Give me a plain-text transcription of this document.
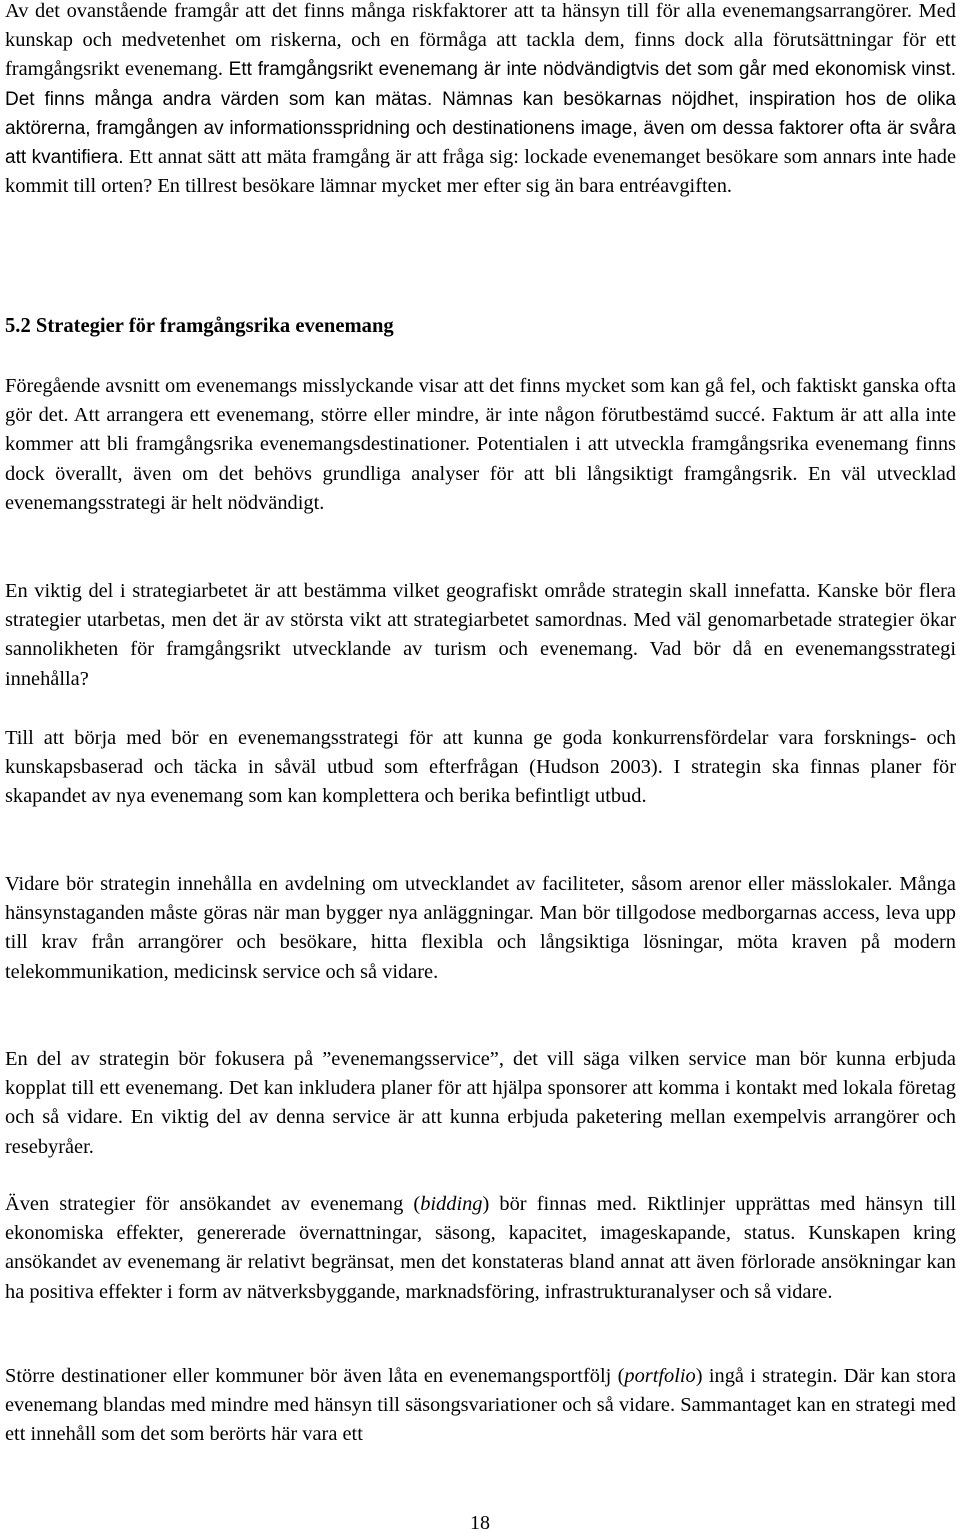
Av det ovanstående framgår att det finns många riskfaktorer att ta hänsyn till för alla evenemangsarrangörer. Med kunskap och medvetenhet om riskerna, och en förmåga att tackla dem, finns dock alla förutsättningar för ett framgångsrikt evenemang. Ett framgångsrikt evenemang är inte nödvändigtvis det som går med ekonomisk vinst. Det finns många andra värden som kan mätas. Nämnas kan besökarnas nöjdhet, inspiration hos de olika aktörerna, framgången av informationsspridning och destinationens image, även om dessa faktorer ofta är svåra att kvantifiera. Ett annat sätt att mäta framgång är att fråga sig: lockade evenemanget besökare som annars inte hade kommit till orten? En tillrest besökare lämnar mycket mer efter sig än bara entréavgiften.

5.2 Strategier för framgångsrika evenemang

Föregående avsnitt om evenemangs misslyckande visar att det finns mycket som kan gå fel, och faktiskt ganska ofta gör det. Att arrangera ett evenemang, större eller mindre, är inte någon förutbestämd succé. Faktum är att alla inte kommer att bli framgångsrika evenemangsdestinationer. Potentialen i att utveckla framgångsrika evenemang finns dock överallt, även om det behövs grundliga analyser för att bli långsiktigt framgångsrik. En väl utvecklad evenemangsstrategi är helt nödvändigt.

En viktig del i strategiarbetet är att bestämma vilket geografiskt område strategin skall innefatta. Kanske bör flera strategier utarbetas, men det är av största vikt att strategiarbetet samordnas. Med väl genomarbetade strategier ökar sannolikheten för framgångsrikt utvecklande av turism och evenemang. Vad bör då en evenemangsstrategi innehålla?

Till att börja med bör en evenemangsstrategi för att kunna ge goda konkurrensfördelar vara forsknings- och kunskapsbaserad och täcka in såväl utbud som efterfrågan (Hudson 2003). I strategin ska finnas planer för skapandet av nya evenemang som kan komplettera och berika befintligt utbud.

Vidare bör strategin innehålla en avdelning om utvecklandet av faciliteter, såsom arenor eller mässlokaler. Många hänsynstaganden måste göras när man bygger nya anläggningar. Man bör tillgodose medborgarnas access, leva upp till krav från arrangörer och besökare, hitta flexibla och långsiktiga lösningar, möta kraven på modern telekommunikation, medicinsk service och så vidare.

En del av strategin bör fokusera på ”evenemangsservice”, det vill säga vilken service man bör kunna erbjuda kopplat till ett evenemang. Det kan inkludera planer för att hjälpa sponsorer att komma i kontakt med lokala företag och så vidare. En viktig del av denna service är att kunna erbjuda paketering mellan exempelvis arrangörer och resebyråer.

Även strategier för ansökandet av evenemang (bidding) bör finnas med. Riktlinjer upprättas med hänsyn till ekonomiska effekter, genererade övernattningar, säsong, kapacitet, imageskapande, status. Kunskapen kring ansökandet av evenemang är relativt begränsat, men det konstateras bland annat att även förlorade ansökningar kan ha positiva effekter i form av nätverksbyggande, marknadsföring, infrastrukturanalyser och så vidare.

Större destinationer eller kommuner bör även låta en evenemangsportfölj (portfolio) ingå i strategin. Där kan stora evenemang blandas med mindre med hänsyn till säsongsvariationer och så vidare. Sammantaget kan en strategi med ett innehåll som det som berörts här vara ett

18
